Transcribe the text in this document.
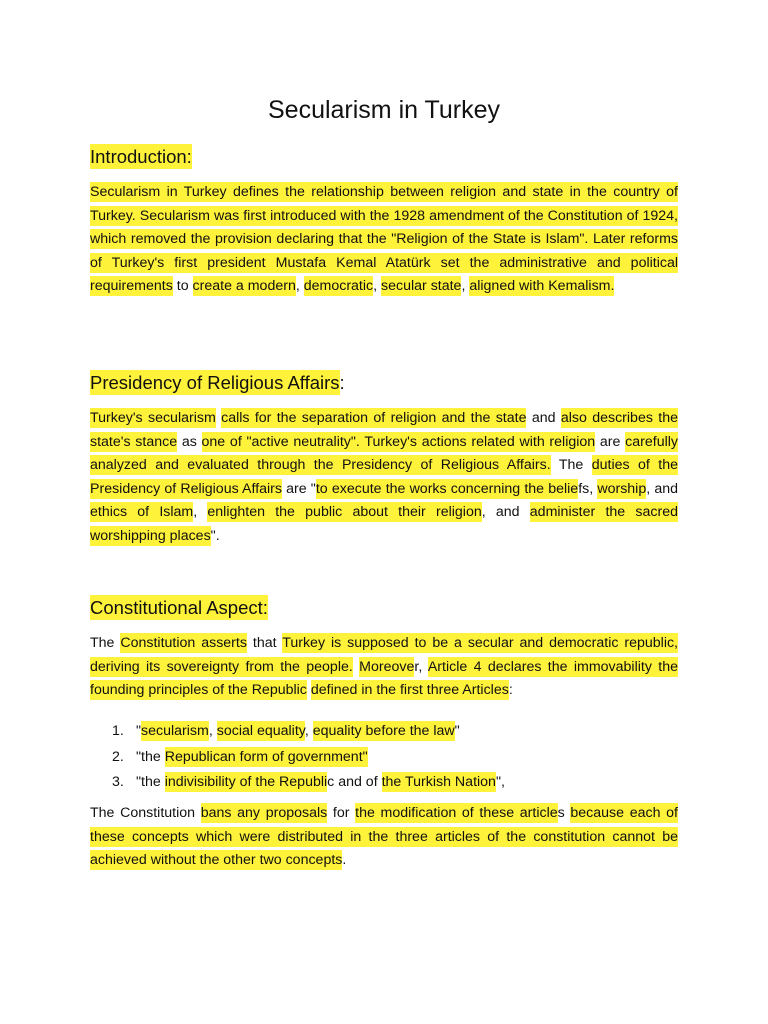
Secularism in Turkey
Introduction:
Secularism in Turkey defines the relationship between religion and state in the country of Turkey. Secularism was first introduced with the 1928 amendment of the Constitution of 1924, which removed the provision declaring that the "Religion of the State is Islam". Later reforms of Turkey's first president Mustafa Kemal Atatürk set the administrative and political requirements to create a modern, democratic, secular state, aligned with Kemalism.
Presidency of Religious Affairs:
Turkey's secularism calls for the separation of religion and the state and also describes the state's stance as one of "active neutrality". Turkey's actions related with religion are carefully analyzed and evaluated through the Presidency of Religious Affairs. The duties of the Presidency of Religious Affairs are "to execute the works concerning the beliefs, worship, and ethics of Islam, enlighten the public about their religion, and administer the sacred worshipping places".
Constitutional Aspect:
The Constitution asserts that Turkey is supposed to be a secular and democratic republic, deriving its sovereignty from the people. Moreover, Article 4 declares the immovability the founding principles of the Republic defined in the first three Articles:
1. "secularism, social equality, equality before the law"
2. "the Republican form of government"
3. "the indivisibility of the Republic and of the Turkish Nation",
The Constitution bans any proposals for the modification of these articles because each of these concepts which were distributed in the three articles of the constitution cannot be achieved without the other two concepts.
